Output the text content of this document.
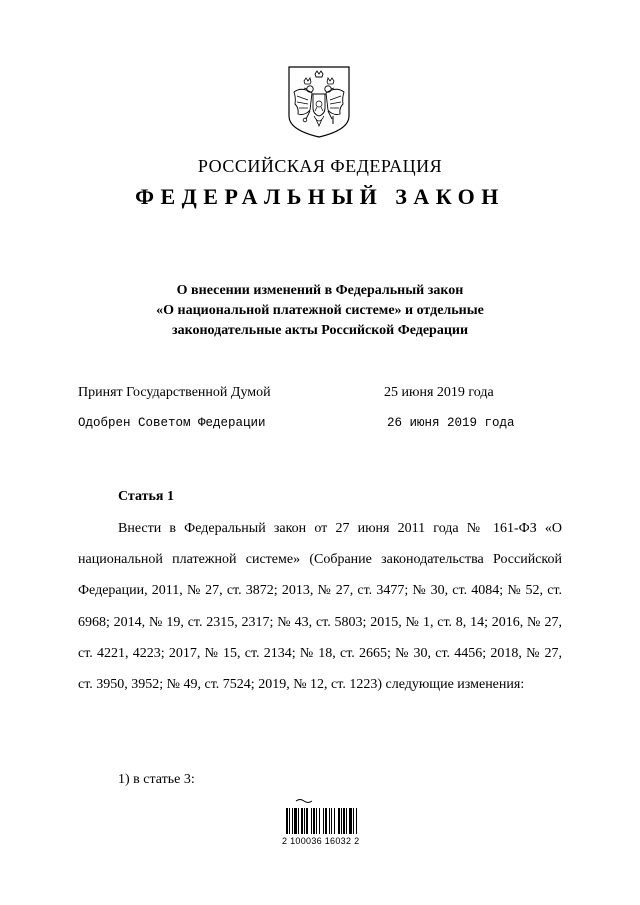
РОССИЙСКАЯ ФЕДЕРАЦИЯ
ФЕДЕРАЛЬНЫЙ ЗАКОН
О внесении изменений в Федеральный закон
«О национальной платежной системе» и отдельные
законодательные акты Российской Федерации
Принят Государственной Думой	25 июня 2019 года
Одобрен Советом Федерации	26 июня 2019 года
Статья 1
Внести в Федеральный закон от 27 июня 2011 года № 161-ФЗ «О национальной платежной системе» (Собрание законодательства Российской Федерации, 2011, № 27, ст. 3872; 2013, № 27, ст. 3477; № 30, ст. 4084; № 52, ст. 6968; 2014, № 19, ст. 2315, 2317; № 43, ст. 5803; 2015, № 1, ст. 8, 14; 2016, № 27, ст. 4221, 4223; 2017, № 15, ст. 2134; № 18, ст. 2665; № 30, ст. 4456; 2018, № 27, ст. 3950, 3952; № 49, ст. 7524; 2019, № 12, ст. 1223) следующие изменения:
1) в статье 3:
2 100036 16032 2
